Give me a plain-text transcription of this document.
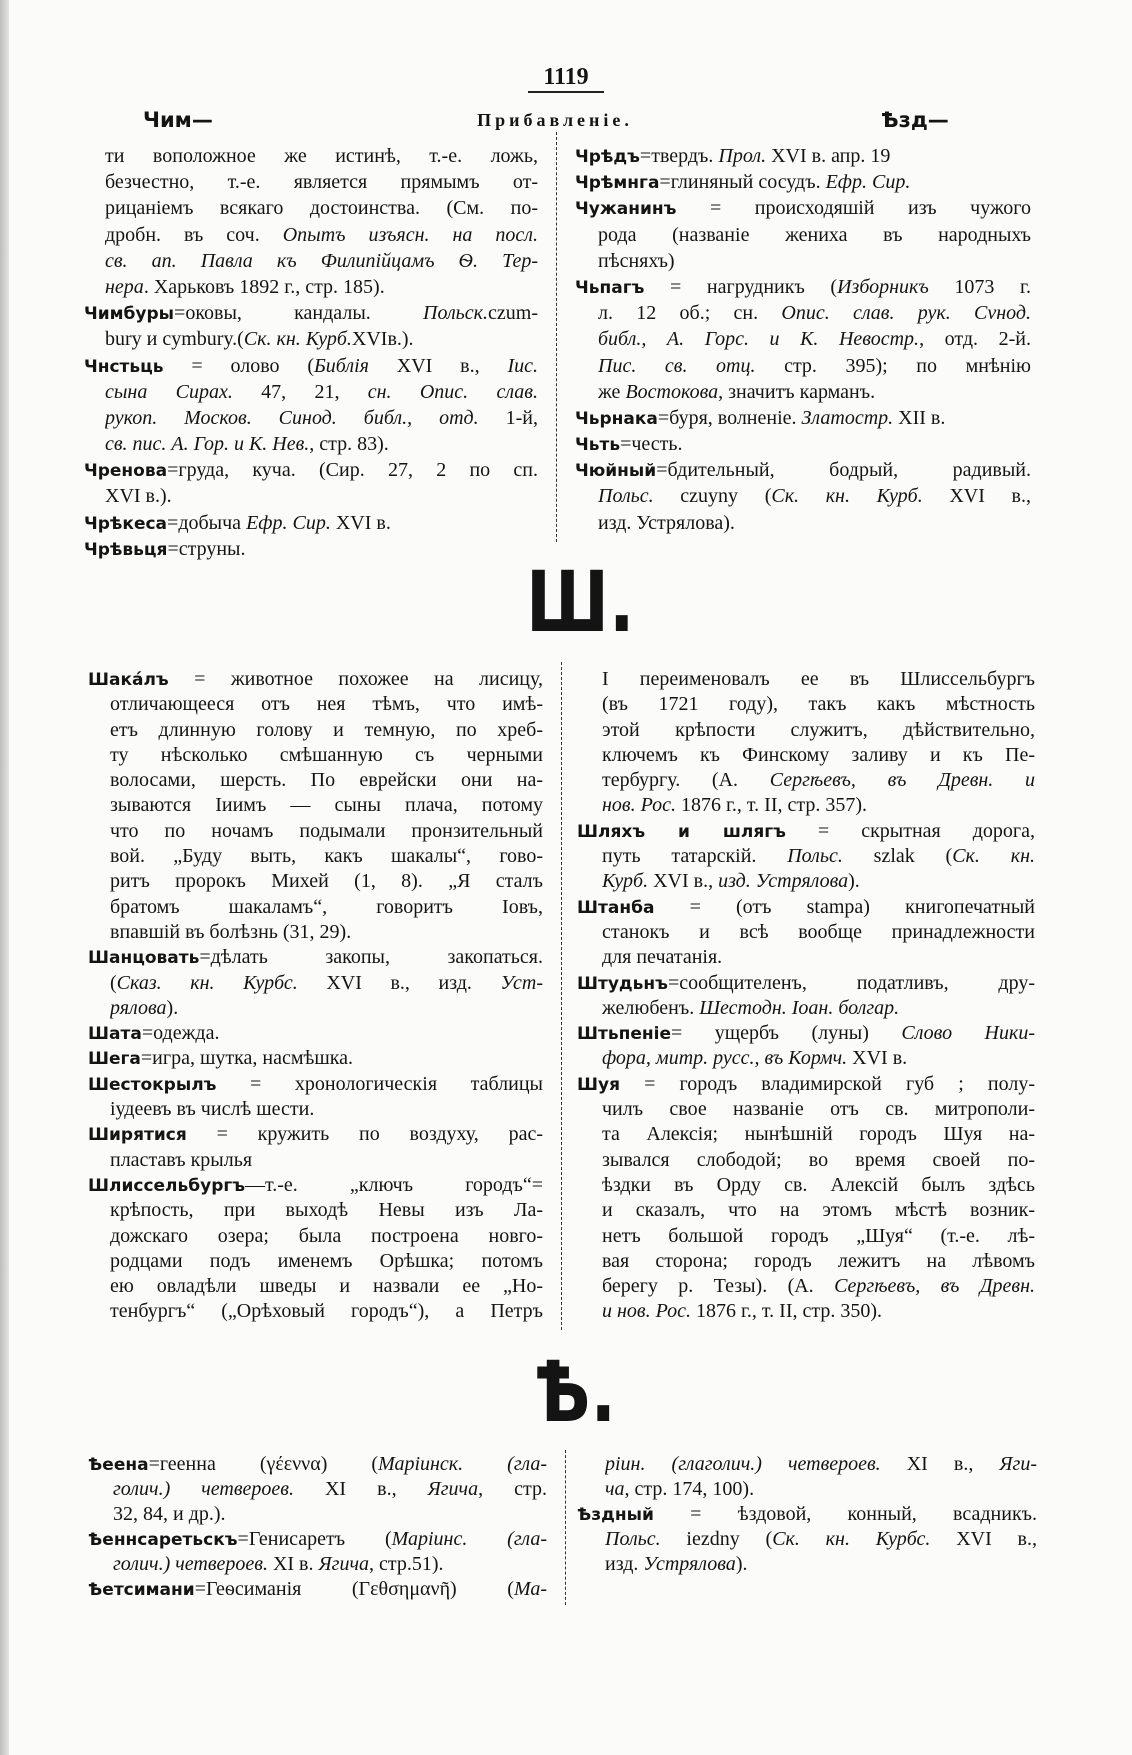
1119
Чим—	Прибавленіе.	Ѣзд—
Ш.
Ѣ.
ти воположное же истинѣ, т.-е. ложь,
безчестно, т.-е. является прямымъ от-
рицаніемъ всякаго достоинства. (См. по-
дробн. въ соч. Опытъ изъясн. на посл.
св. ап. Павла къ Филипійцамъ Ѳ. Тер-
нера. Харьковъ 1892 г., стр. 185).
Чимбуры=оковы, кандалы. Польск.czum-
bury и cymbury.(Ск. кн. Курб.XVIв.).
Чнстьць = олово (Библія XVI в., Іис.
сына Сирах. 47, 21, сн. Опис. слав.
рукоп. Москов. Синод. библ., отд. 1-й,
св. пис. А. Гор. и К. Нев., стр. 83).
Чренова=груда, куча. (Сир. 27, 2 по сп.
XVI в.).
Чрѣкеса=добыча Ефр. Сир. XVI в.
Чрѣвьця=струны.
Чрѣдъ=твердъ. Прол. XVI в. апр. 19
Чрѣмнга=глиняный сосудъ. Ефр. Сир.
Чужанинъ = происходяшій изъ чужого
рода (названіе жениха въ народныхъ
пѣсняхъ)
Чьпагъ = нагрудникъ (Изборникъ 1073 г.
л. 12 об.; сн. Опис. слав. рук. Сvнод.
библ., А. Горс. и К. Невостр., отд. 2-й.
Пис. св. отц. стр. 395); по мнѣнію
же Востокова, значитъ карманъ.
Чьрнака=буря, волненіе. Златостр. XII в.
Чьть=честь.
Чюйный=бдительный, бодрый, радивый.
Польс. czuyny (Ск. кн. Курб. XVI в.,
изд. Устрялова).
Шакáлъ = животное похожее на лисицу,
отличающееся отъ нея тѣмъ, что имѣ-
етъ длинную голову и темную, по хреб-
ту нѣсколько смѣшанную съ черными
волосами, шерсть. По еврейски они на-
зываются Іиимъ — сыны плача, потому
что по ночамъ подымали пронзительный
вой. „Буду выть, какъ шакалы“, гово-
ритъ пророкъ Михей (1, 8). „Я сталъ
братомъ шакаламъ“, говоритъ Іовъ,
впавшій въ болѣзнь (31, 29).
Шанцовать=дѣлать закопы, закопаться.
(Сказ. кн. Курбс. XVI в., изд. Уст-
рялова).
Шата=одежда.
Шега=игра, шутка, насмѣшка.
Шестокрылъ = хронологическія таблицы
іудеевъ въ числѣ шести.
Ширятися = кружить по воздуху, рас-
пластавъ крылья
Шлиссельбургъ—т.-е. „ключъ городъ“=
крѣпость, при выходѣ Невы изъ Ла-
дожскаго озера; была построена новго-
родцами подъ именемъ Орѣшка; потомъ
ею овладѣли шведы и назвали ее „Но-
тенбургъ“ („Орѣховый городъ“), а Петръ
I переименовалъ ее въ Шлиссельбургъ
(въ 1721 году), такъ какъ мѣстность
этой крѣпости служитъ, дѣйствительно,
ключемъ къ Финскому заливу и къ Пе-
тербургу. (А. Сергѣевъ, въ Древн. и
нов. Рос. 1876 г., т. II, стр. 357).
Шляхъ и шлягъ = скрытная дорога,
путь татарскій. Польс. szlak (Ск. кн.
Курб. XVI в., изд. Устрялова).
Штанба = (отъ stampa) книгопечатный
станокъ и всѣ вообще принадлежности
для печатанія.
Штудьнъ=сообщителенъ, податливъ, дру-
желюбенъ. Шестодн. Іоан. болгар.
Штьпеніе= ущербъ (луны) Слово Ники-
фора, митр. русс., въ Кормч. XVI в.
Шуя = городъ владимирской губ ; полу-
чилъ свое названіе отъ св. митрополи-
та Алексія; нынѣшній городъ Шуя на-
зывался слободой; во время своей по-
ѣздки въ Орду св. Алексій былъ здѣсь
и сказалъ, что на этомъ мѣстѣ возник-
нетъ большой городъ „Шуя“ (т.-е. лѣ-
вая сторона; городъ лежитъ на лѣвомъ
берегу р. Тезы). (А. Сергѣевъ, въ Древн.
и нов. Рос. 1876 г., т. II, стр. 350).
Ѣеена=геенна (γέεννα) (Маріинск. (гла-
голич.) четвероев. XI в., Ягича, стр.
32, 84, и др.).
Ѣеннсаретьскъ=Генисаретъ (Маріинс. (гла-
голич.) четвероев. XI в. Ягича, стр.51).
Ѣетсимани=Геѳсиманія (Γεθσημανῆ) (Ма-
ріин. (глаголич.) четвероев. XI в., Яги-
ча, стр. 174, 100).
Ѣздный = ѣздовой, конный, всадникъ.
Польс. iezdny (Ск. кн. Курбс. XVI в.,
изд. Устрялова).
